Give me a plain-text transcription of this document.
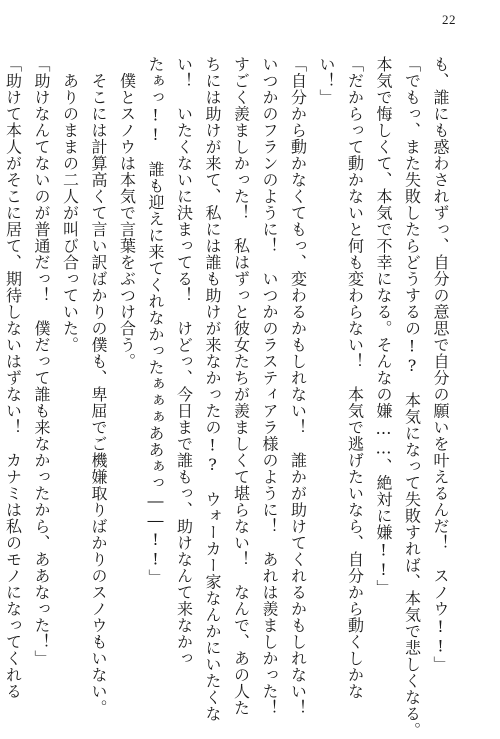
22
も、誰にも惑わされずっ、自分の意思で自分の願いを叶えるんだ！　スノウ!!」
「でもっ、また失敗したらどうするの!?　本気になって失敗すれば、本気で悲しくなる。
本気で悔しくて、本気で不幸になる。そんなの嫌……、絶対に嫌!!」
「だからって動かないと何も変わらない！　本気で逃げたいなら、自分から動くしかな
い！」
「自分から動かなくてもっ、変わるかもしれない！　誰かが助けてくれるかもしれない！
いつかのフランのように！　いつかのラスティアラ様のように！　あれは羨ましかった！
すごく羨ましかった！　私はずっと彼女たちが羨ましくて堪らない！　なんで、あの人た
ちには助けが来て、私には誰も助けが来なかったの!?　ウォーカー家なんかにいたくな
い！　いたくないに決まってる！　けどっ、今日まで誰もっ、助けなんて来なかっ
たぁっ!!　誰も迎えに来てくれなかったぁぁぁああぁっ――!!」
　僕とスノウは本気で言葉をぶつけ合う。
　そこには計算高くて言い訳ばかりの僕も、卑屈でご機嫌取りばかりのスノウもいない。
　ありのままの二人が叫び合っていた。
「助けなんてないのが普通だっ！　僕だって誰も来なかったから、ああなった！」
「助けて本人がそこに居て、期待しないはずない！　カナミは私のモノになってくれる
